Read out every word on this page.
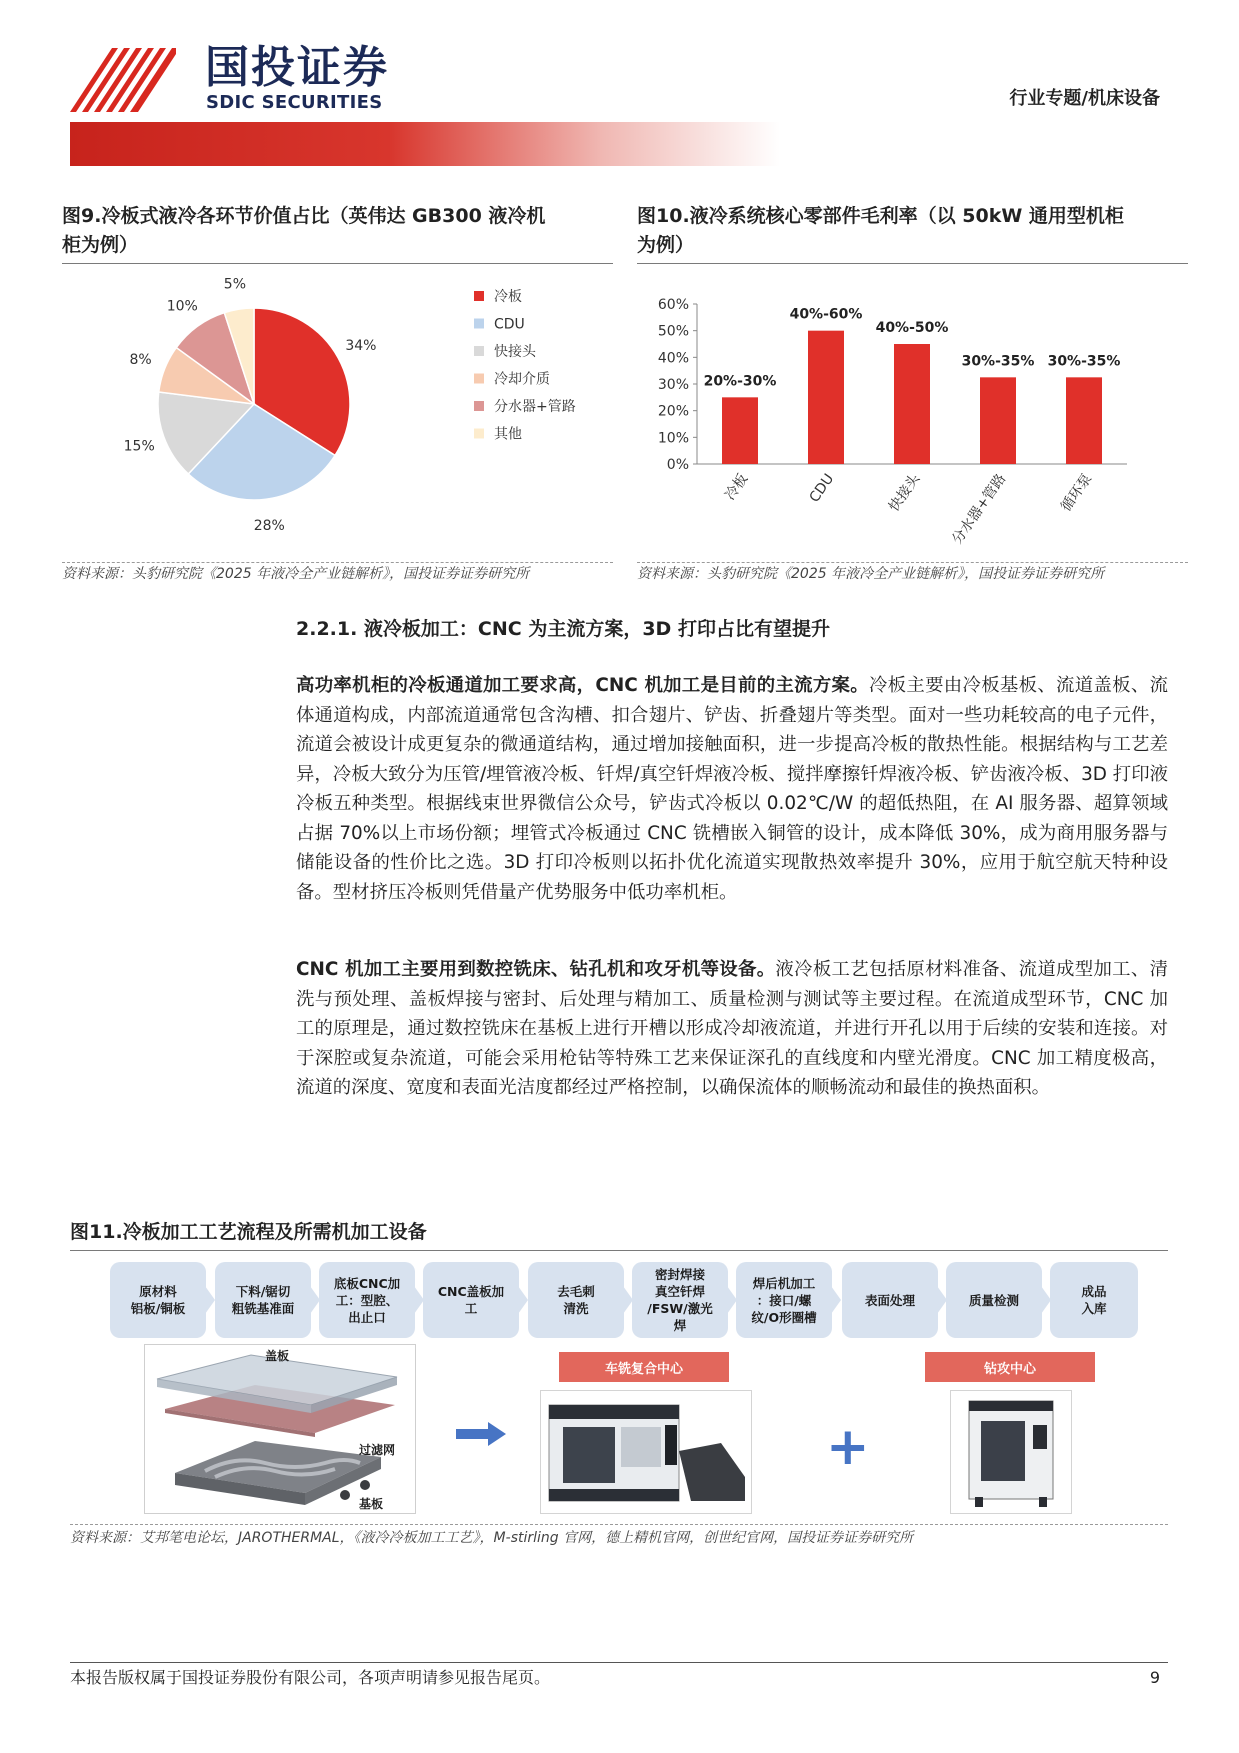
国投证券
SDIC SECURITIES	行业专题/机床设备
图9.冷板式液冷各环节价值占比（英伟达 GB300 液冷机
柜为例）
34%
28%
15%
8%
10%
5%
冷板
CDU
快接头
冷却介质
分水器+管路
其他
资料来源：头豹研究院《2025 年液冷全产业链解析》，国投证券证券研究所
图10.液冷系统核心零部件毛利率（以 50kW 通用型机柜
为例）
0%
10%
20%
30%
40%
50%
60%
20%-30%
冷板
40%-60%
CDU
40%-50%
快接头
30%-35%
分水器+管路
30%-35%
循环泵
资料来源：头豹研究院《2025 年液冷全产业链解析》，国投证券证券研究所
2.2.1. 液冷板加工：CNC 为主流方案，3D 打印占比有望提升
高功率机柜的冷板通道加工要求高，CNC 机加工是目前的主流方案。冷板主要由冷板基板、流道盖板、流体通道构成，内部流道通常包含沟槽、扣合翅片、铲齿、折叠翅片等类型。面对一些功耗较高的电子元件，流道会被设计成更复杂的微通道结构，通过增加接触面积，进一步提高冷板的散热性能。根据结构与工艺差异，冷板大致分为压管/埋管液冷板、钎焊/真空钎焊液冷板、搅拌摩擦钎焊液冷板、铲齿液冷板、3D 打印液冷板五种类型。根据线束世界微信公众号，铲齿式冷板以 0.02℃/W 的超低热阻，在 AI 服务器、超算领域占据 70%以上市场份额；埋管式冷板通过 CNC 铣槽嵌入铜管的设计，成本降低 30%，成为商用服务器与储能设备的性价比之选。3D 打印冷板则以拓扑优化流道实现散热效率提升 30%，应用于航空航天特种设备。型材挤压冷板则凭借量产优势服务中低功率机柜。
CNC 机加工主要用到数控铣床、钻孔机和攻牙机等设备。液冷板工艺包括原材料准备、流道成型加工、清洗与预处理、盖板焊接与密封、后处理与精加工、质量检测与测试等主要过程。在流道成型环节，CNC 加工的原理是，通过数控铣床在基板上进行开槽以形成冷却液流道，并进行开孔以用于后续的安装和连接。对于深腔或复杂流道，可能会采用枪钻等特殊工艺来保证深孔的直线度和内壁光滑度。CNC 加工精度极高，流道的深度、宽度和表面光洁度都经过严格控制，以确保流体的顺畅流动和最佳的换热面积。
图11.冷板加工工艺流程及所需机加工设备
原材料
铝板/铜板
下料/锯切
粗铣基准面
底板CNC加
工：型腔、
出止口
CNC盖板加
工
去毛刺
清洗
密封焊接
真空钎焊
/FSW/激光
焊
焊后机加工
：接口/螺
纹/O形圈槽
表面处理	质量检测
成品
入库
盖板
过滤网
基板
车铣复合中心
+
钻攻中心
资料来源：艾邦笔电论坛，JAROTHERMAL，《液冷冷板加工工艺》，M-stirling 官网，德上精机官网，创世纪官网，国投证券证券研究所
本报告版权属于国投证券股份有限公司，各项声明请参见报告尾页。	9
